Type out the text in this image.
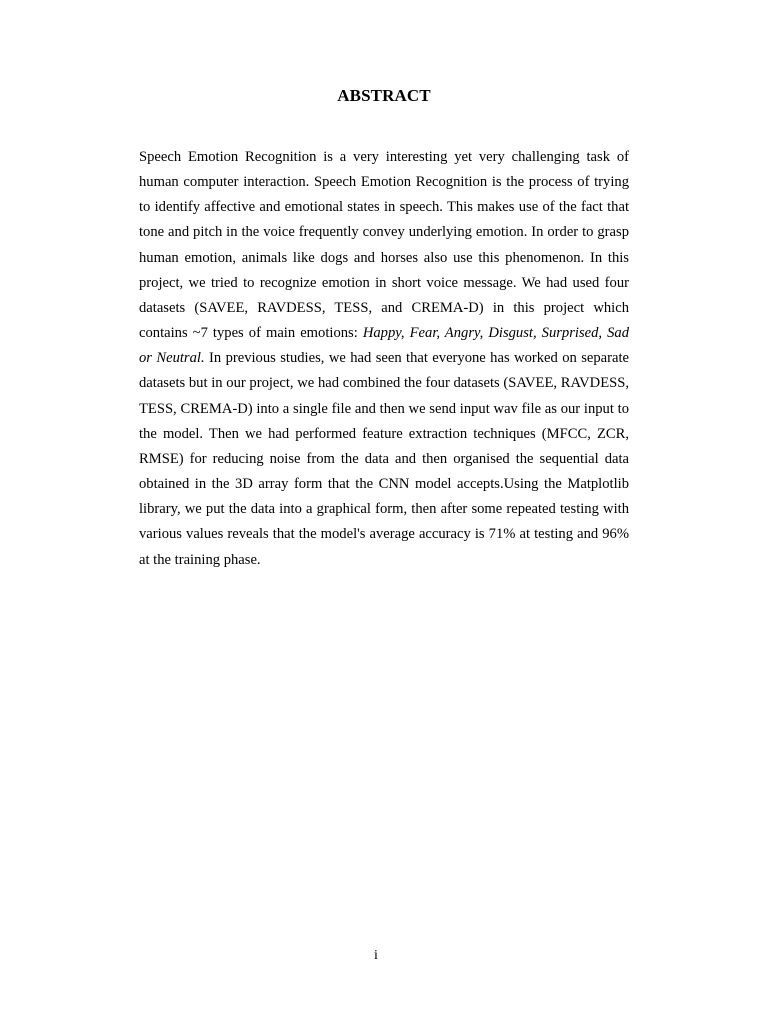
ABSTRACT

Speech Emotion Recognition is a very interesting yet very challenging task of human computer interaction. Speech Emotion Recognition is the process of trying to identify affective and emotional states in speech. This makes use of the fact that tone and pitch in the voice frequently convey underlying emotion. In order to grasp human emotion, animals like dogs and horses also use this phenomenon. In this project, we tried to recognize emotion in short voice message. We had used four datasets (SAVEE, RAVDESS, TESS, and CREMA-D) in this project which contains ~7 types of main emotions: Happy, Fear, Angry, Disgust, Surprised, Sad or Neutral. In previous studies, we had seen that everyone has worked on separate datasets but in our project, we had combined the four datasets (SAVEE, RAVDESS, TESS, CREMA-D) into a single file and then we send input wav file as our input to the model. Then we had performed feature extraction techniques (MFCC, ZCR, RMSE) for reducing noise from the data and then organised the sequential data obtained in the 3D array form that the CNN model accepts.Using the Matplotlib library, we put the data into a graphical form, then after some repeated testing with various values reveals that the model's average accuracy is 71% at testing and 96% at the training phase.

i
